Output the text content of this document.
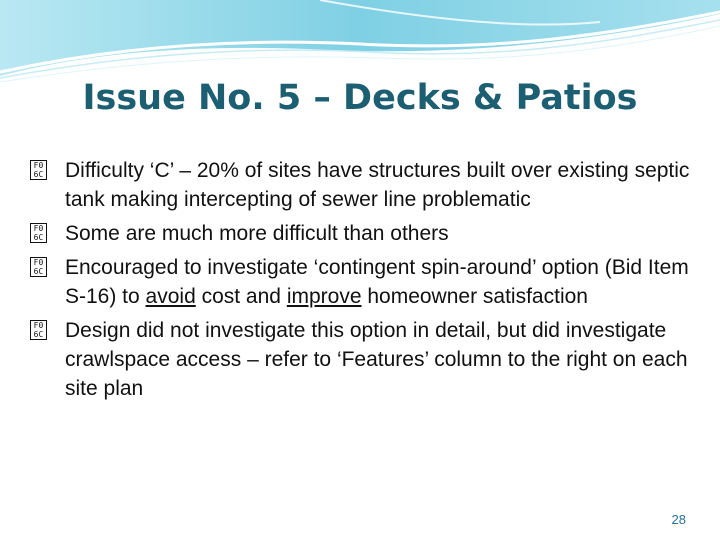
Issue No. 5 – Decks & Patios
F0
6C Difficulty ‘C’ – 20% of sites have structures built over existing septic tank making intercepting of sewer line problematic
F0
6C Some are much more difficult than others
F0
6C Encouraged to investigate ‘contingent spin-around’ option (Bid Item S-16) to avoid cost and improve homeowner satisfaction
F0
6C Design did not investigate this option in detail, but did investigate crawlspace access – refer to ‘Features’ column to the right on each site plan
28
